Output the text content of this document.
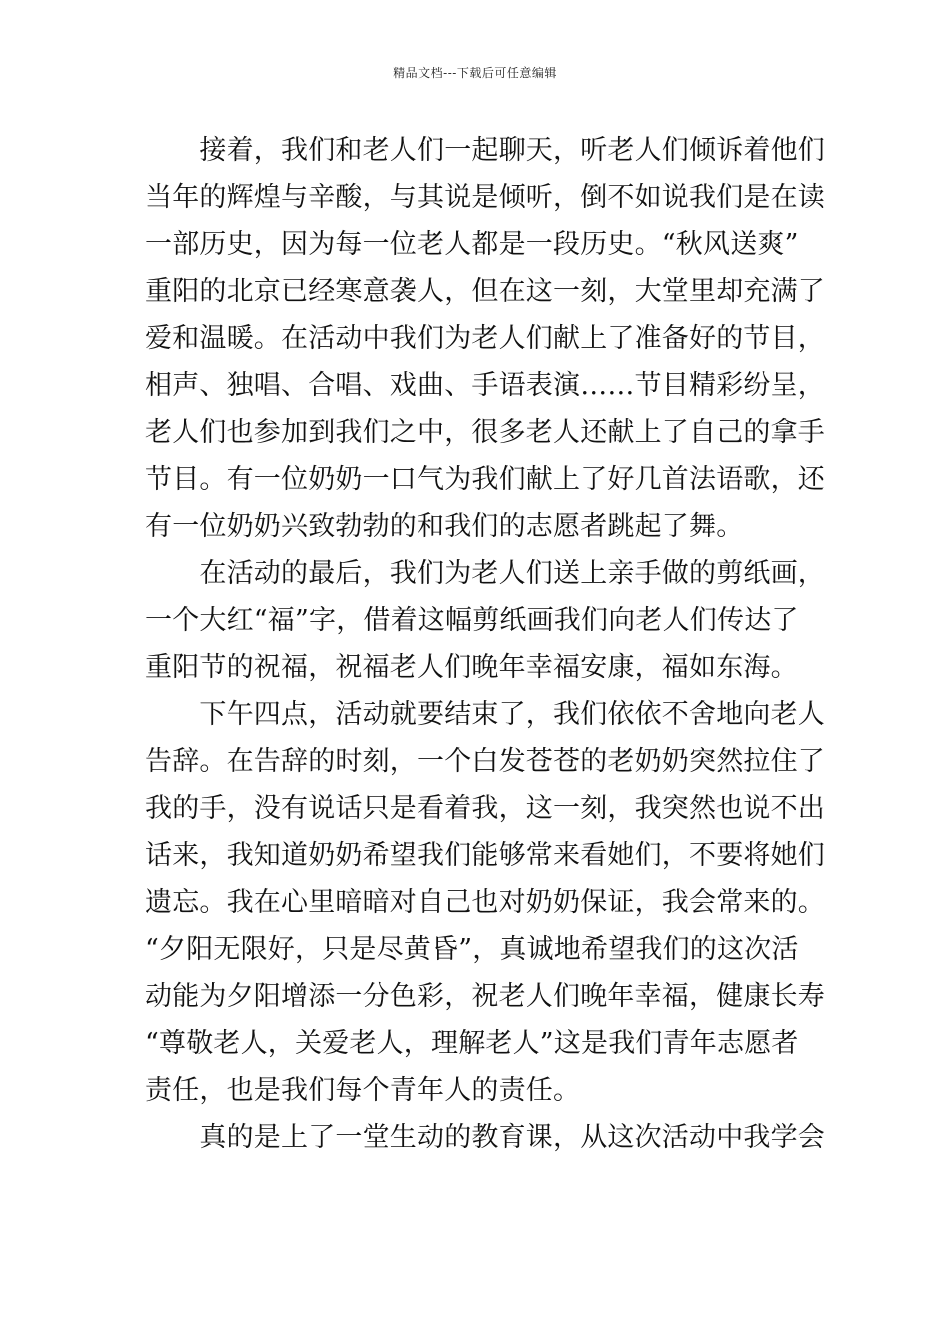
精品文档---下载后可任意编辑
　　接着，我们和老人们一起聊天，听老人们倾诉着他们
当年的辉煌与辛酸，与其说是倾听，倒不如说我们是在读
一部历史，因为每一位老人都是一段历史。“秋风送爽”
重阳的北京已经寒意袭人，但在这一刻，大堂里却充满了
爱和温暖。在活动中我们为老人们献上了准备好的节目，
相声、独唱、合唱、戏曲、手语表演……节目精彩纷呈，
老人们也参加到我们之中，很多老人还献上了自己的拿手
节目。有一位奶奶一口气为我们献上了好几首法语歌，还
有一位奶奶兴致勃勃的和我们的志愿者跳起了舞。
　　在活动的最后，我们为老人们送上亲手做的剪纸画，
一个大红“福”字，借着这幅剪纸画我们向老人们传达了
重阳节的祝福，祝福老人们晚年幸福安康，福如东海。
　　下午四点，活动就要结束了，我们依依不舍地向老人
告辞。在告辞的时刻，一个白发苍苍的老奶奶突然拉住了
我的手，没有说话只是看着我，这一刻，我突然也说不出
话来，我知道奶奶希望我们能够常来看她们，不要将她们
遗忘。我在心里暗暗对自己也对奶奶保证，我会常来的。
“夕阳无限好，只是尽黄昏”，真诚地希望我们的这次活
动能为夕阳增添一分色彩，祝老人们晚年幸福，健康长寿
“尊敬老人，关爱老人，理解老人”这是我们青年志愿者
责任，也是我们每个青年人的责任。
　　真的是上了一堂生动的教育课，从这次活动中我学会
